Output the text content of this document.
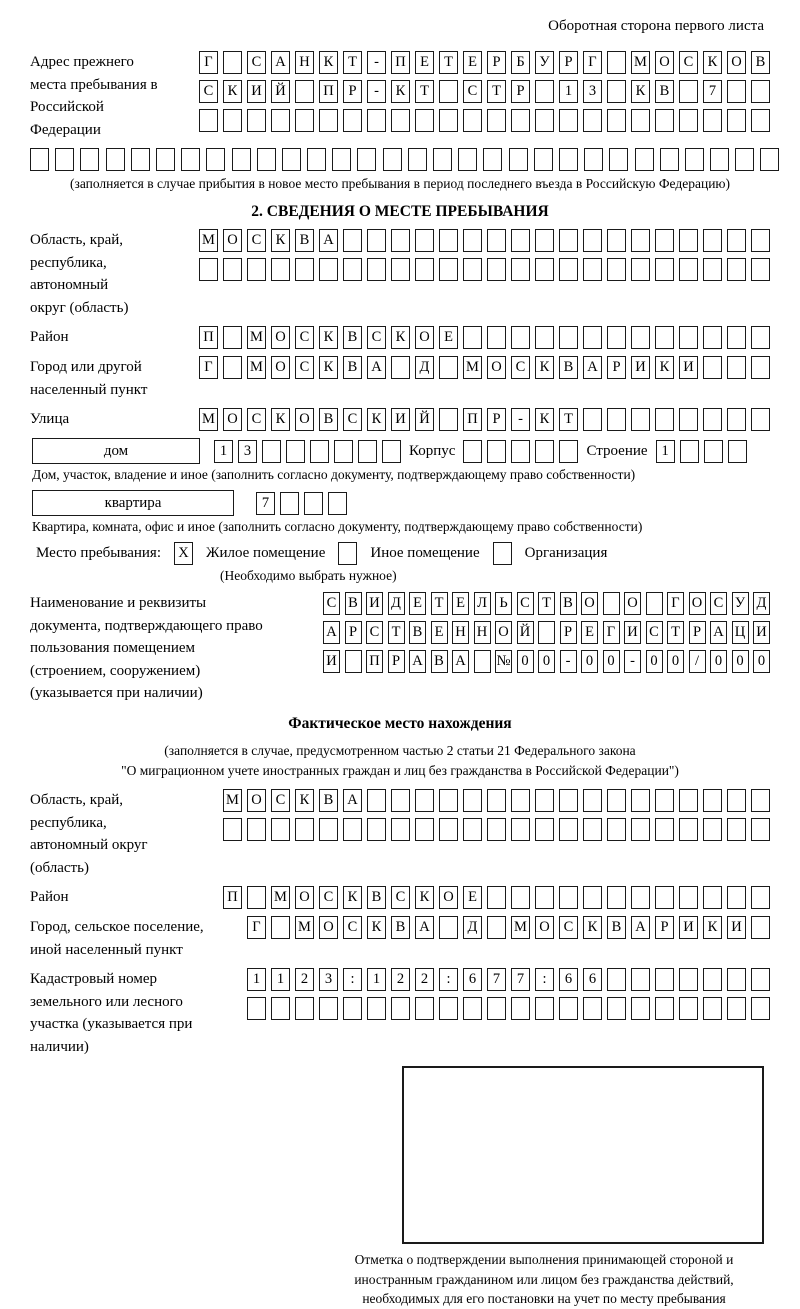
Оборотная сторона первого листа
Адрес прежнего места пребывания в Российской Федерации
Г	С А Н К	Т	-	П Е	Т	Е	Р	Б	У	Р	Г	М О С К О В
С К И Й	П	Р	-	К	Т	С	Т	Р	1	3	К В	7
(заполняется в случае прибытия в новое место пребывания в период последнего въезда в Российскую Федерацию)
2. СВЕДЕНИЯ О МЕСТЕ ПРЕБЫВАНИЯ
Область, край, республика, автономный округ (область)
М О С К В А
Район	П	М О С К В С К О Е
Город или другой населенный пункт
Г	М О С К В А	Д	М О С К В А	Р	И К И
Улица	М О С К О В С К И Й	П	Р	-	К	Т
дом	1	3	Корпус	Строение 1
Дом, участок, владение и иное (заполнить согласно документу, подтверждающему право собственности)
квартира	7
Квартира, комната, офис и иное (заполнить согласно документу, подтверждающему право собственности)
Место пребывания: X Жилое помещение	Иное помещение	Организация
(Необходимо выбрать нужное)
Наименование и реквизиты документа, подтверждающего право пользования помещением (строением, сооружением) (указывается при наличии)
С В И Д Е Т Е Л Ь С Т В О О Г О С У Д
А Р С Т В Е Н Н О Й	Р Е Г И С Т Р А Ц И
И П Р А В А № 0 0	-	0 0	-	0 0	/	0 0 0
Фактическое место нахождения
(заполняется в случае, предусмотренном частью 2 статьи 21 Федерального закона
"О миграционном учете иностранных граждан и лиц без гражданства в Российской Федерации")
Область, край, республика, автономный округ (область)
М О С К В А
Район	П	М О С К В С К О Е
Город, сельское поселение, иной населенный пункт
Г	М О С К В А	Д	М О С К В А	Р	И К И
Кадастровый номер земельного или лесного участка (указывается при наличии)
1	1	2	3	:	1	2	2	:	6	7	7	:	6	6
Отметка о подтверждении выполнения принимающей стороной и иностранным гражданином или лицом без гражданства действий, необходимых для его постановки на учет по месту пребывания
